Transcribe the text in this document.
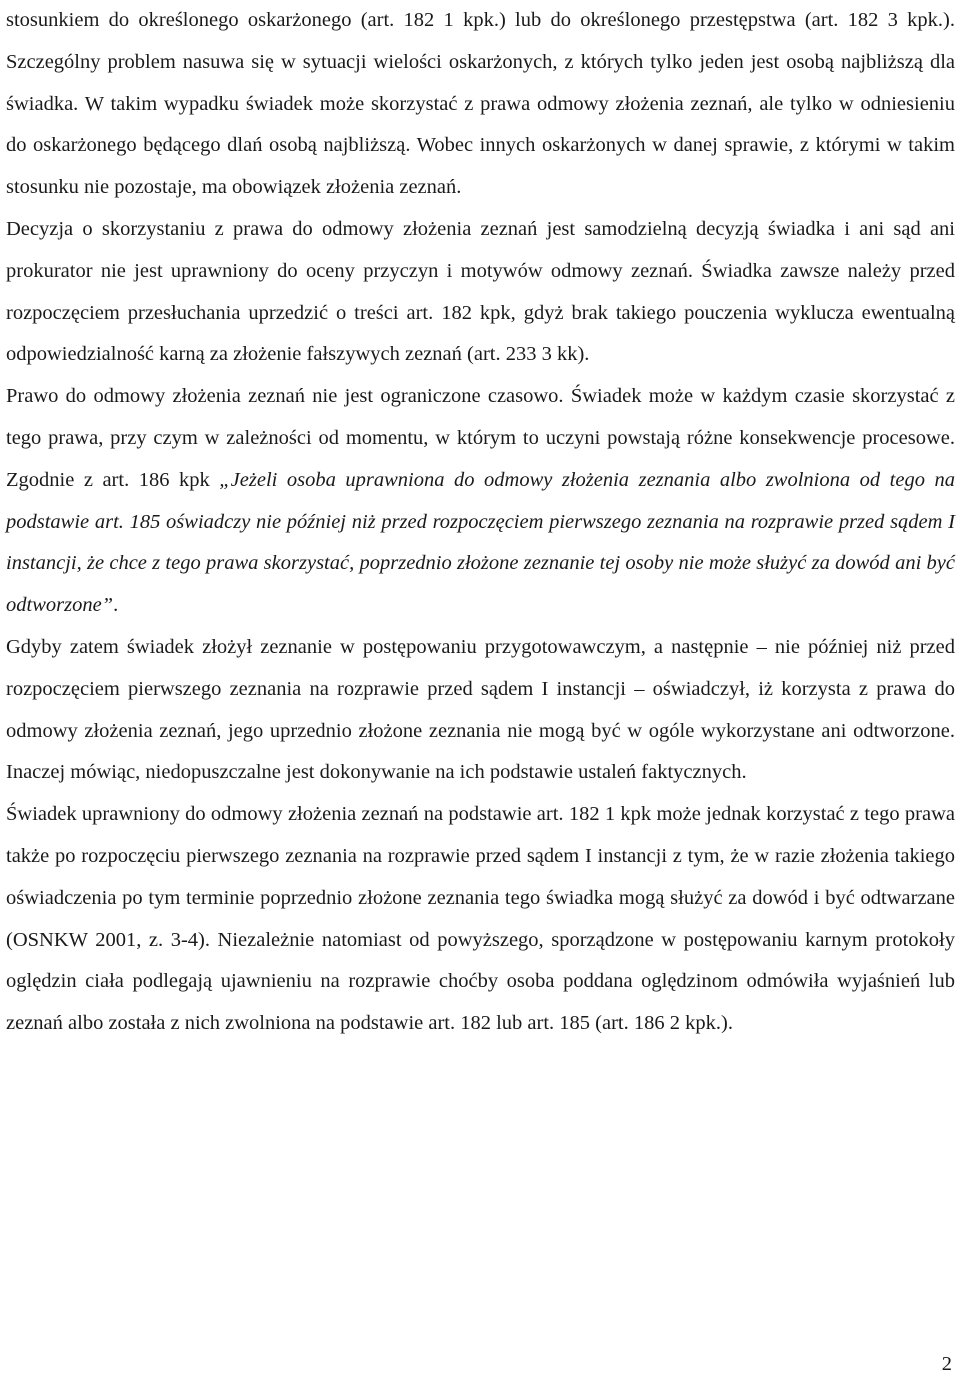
stosunkiem do określonego oskarżonego (art. 182 1 kpk.) lub do określonego przestępstwa (art. 182 3 kpk.). Szczególny problem nasuwa się w sytuacji wielości oskarżonych, z których tylko jeden jest osobą najbliższą dla świadka. W takim wypadku świadek może skorzystać z prawa odmowy złożenia zeznań, ale tylko w odniesieniu do oskarżonego będącego dlań osobą najbliższą. Wobec innych oskarżonych w danej sprawie, z którymi w takim stosunku nie pozostaje, ma obowiązek złożenia zeznań.

Decyzja o skorzystaniu z prawa do odmowy złożenia zeznań jest samodzielną decyzją świadka i ani sąd ani prokurator nie jest uprawniony do oceny przyczyn i motywów odmowy zeznań. Świadka zawsze należy przed rozpoczęciem przesłuchania uprzedzić o treści art. 182 kpk, gdyż brak takiego pouczenia wyklucza ewentualną odpowiedzialność karną za złożenie fałszywych zeznań (art. 233 3 kk).

Prawo do odmowy złożenia zeznań nie jest ograniczone czasowo. Świadek może w każdym czasie skorzystać z tego prawa, przy czym w zależności od momentu, w którym to uczyni powstają różne konsekwencje procesowe. Zgodnie z art. 186 kpk „Jeżeli osoba uprawniona do odmowy złożenia zeznania albo zwolniona od tego na podstawie art. 185 oświadczy nie później niż przed rozpoczęciem pierwszego zeznania na rozprawie przed sądem I instancji, że chce z tego prawa skorzystać, poprzednio złożone zeznanie tej osoby nie może służyć za dowód ani być odtworzone”.

Gdyby zatem świadek złożył zeznanie w postępowaniu przygotowawczym, a następnie – nie później niż przed rozpoczęciem pierwszego zeznania na rozprawie przed sądem I instancji – oświadczył, iż korzysta z prawa do odmowy złożenia zeznań, jego uprzednio złożone zeznania nie mogą być w ogóle wykorzystane ani odtworzone. Inaczej mówiąc, niedopuszczalne jest dokonywanie na ich podstawie ustaleń faktycznych.

Świadek uprawniony do odmowy złożenia zeznań na podstawie art. 182 1 kpk może jednak korzystać z tego prawa także po rozpoczęciu pierwszego zeznania na rozprawie przed sądem I instancji z tym, że w razie złożenia takiego oświadczenia po tym terminie poprzednio złożone zeznania tego świadka mogą służyć za dowód i być odtwarzane (OSNKW 2001, z. 3-4). Niezależnie natomiast od powyższego, sporządzone w postępowaniu karnym protokoły oględzin ciała podlegają ujawnieniu na rozprawie choćby osoba poddana oględzinom odmówiła wyjaśnień lub zeznań albo została z nich zwolniona na podstawie art. 182 lub art. 185 (art. 186 2 kpk.).

2
